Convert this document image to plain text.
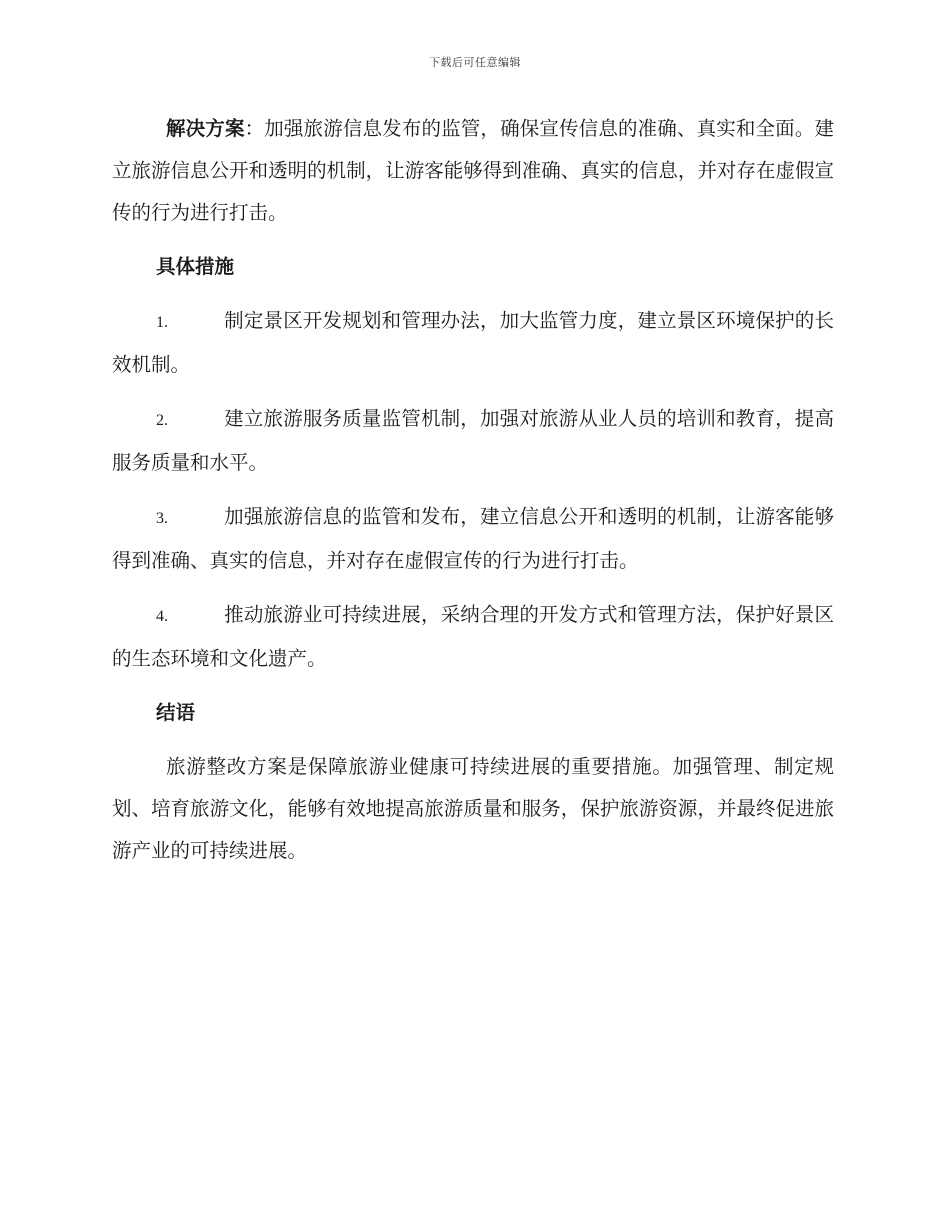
下载后可任意编辑

解决方案：加强旅游信息发布的监管，确保宣传信息的准确、真实和全面。建立旅游信息公开和透明的机制，让游客能够得到准确、真实的信息，并对存在虚假宣传的行为进行打击。

具体措施

1.	制定景区开发规划和管理办法，加大监管力度，建立景区环境保护的长效机制。

2.	建立旅游服务质量监管机制，加强对旅游从业人员的培训和教育，提高服务质量和水平。

3.	加强旅游信息的监管和发布，建立信息公开和透明的机制，让游客能够得到准确、真实的信息，并对存在虚假宣传的行为进行打击。

4.	推动旅游业可持续进展，采纳合理的开发方式和管理方法，保护好景区的生态环境和文化遗产。

结语

旅游整改方案是保障旅游业健康可持续进展的重要措施。加强管理、制定规划、培育旅游文化，能够有效地提高旅游质量和服务，保护旅游资源，并最终促进旅游产业的可持续进展。
